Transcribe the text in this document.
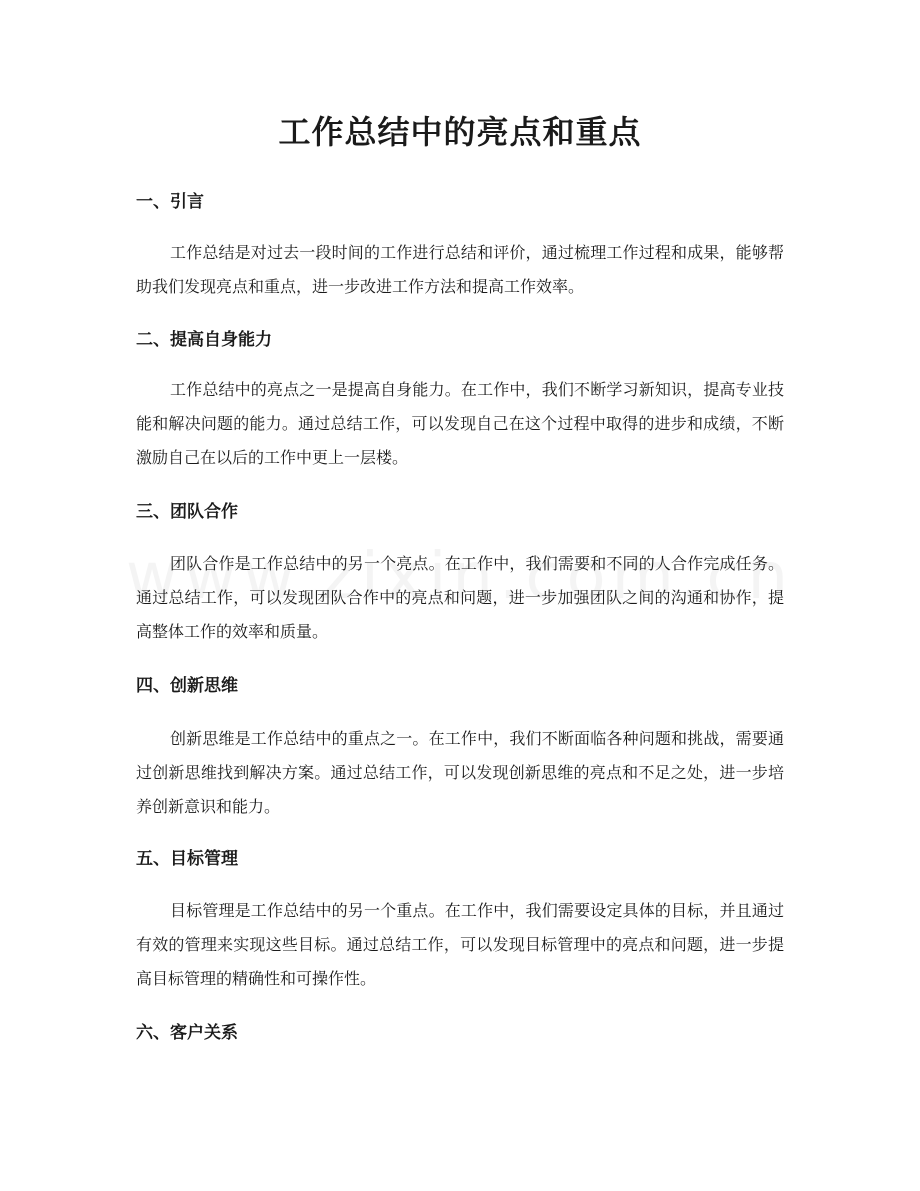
工作总结中的亮点和重点
一、引言

工作总结是对过去一段时间的工作进行总结和评价，通过梳理工作过程和成果，能够帮助我们发现亮点和重点，进一步改进工作方法和提高工作效率。

二、提高自身能力

工作总结中的亮点之一是提高自身能力。在工作中，我们不断学习新知识，提高专业技能和解决问题的能力。通过总结工作，可以发现自己在这个过程中取得的进步和成绩，不断激励自己在以后的工作中更上一层楼。

三、团队合作

团队合作是工作总结中的另一个亮点。在工作中，我们需要和不同的人合作完成任务。通过总结工作，可以发现团队合作中的亮点和问题，进一步加强团队之间的沟通和协作，提高整体工作的效率和质量。

四、创新思维

创新思维是工作总结中的重点之一。在工作中，我们不断面临各种问题和挑战，需要通过创新思维找到解决方案。通过总结工作，可以发现创新思维的亮点和不足之处，进一步培养创新意识和能力。

五、目标管理

目标管理是工作总结中的另一个重点。在工作中，我们需要设定具体的目标，并且通过有效的管理来实现这些目标。通过总结工作，可以发现目标管理中的亮点和问题，进一步提高目标管理的精确性和可操作性。

六、客户关系
